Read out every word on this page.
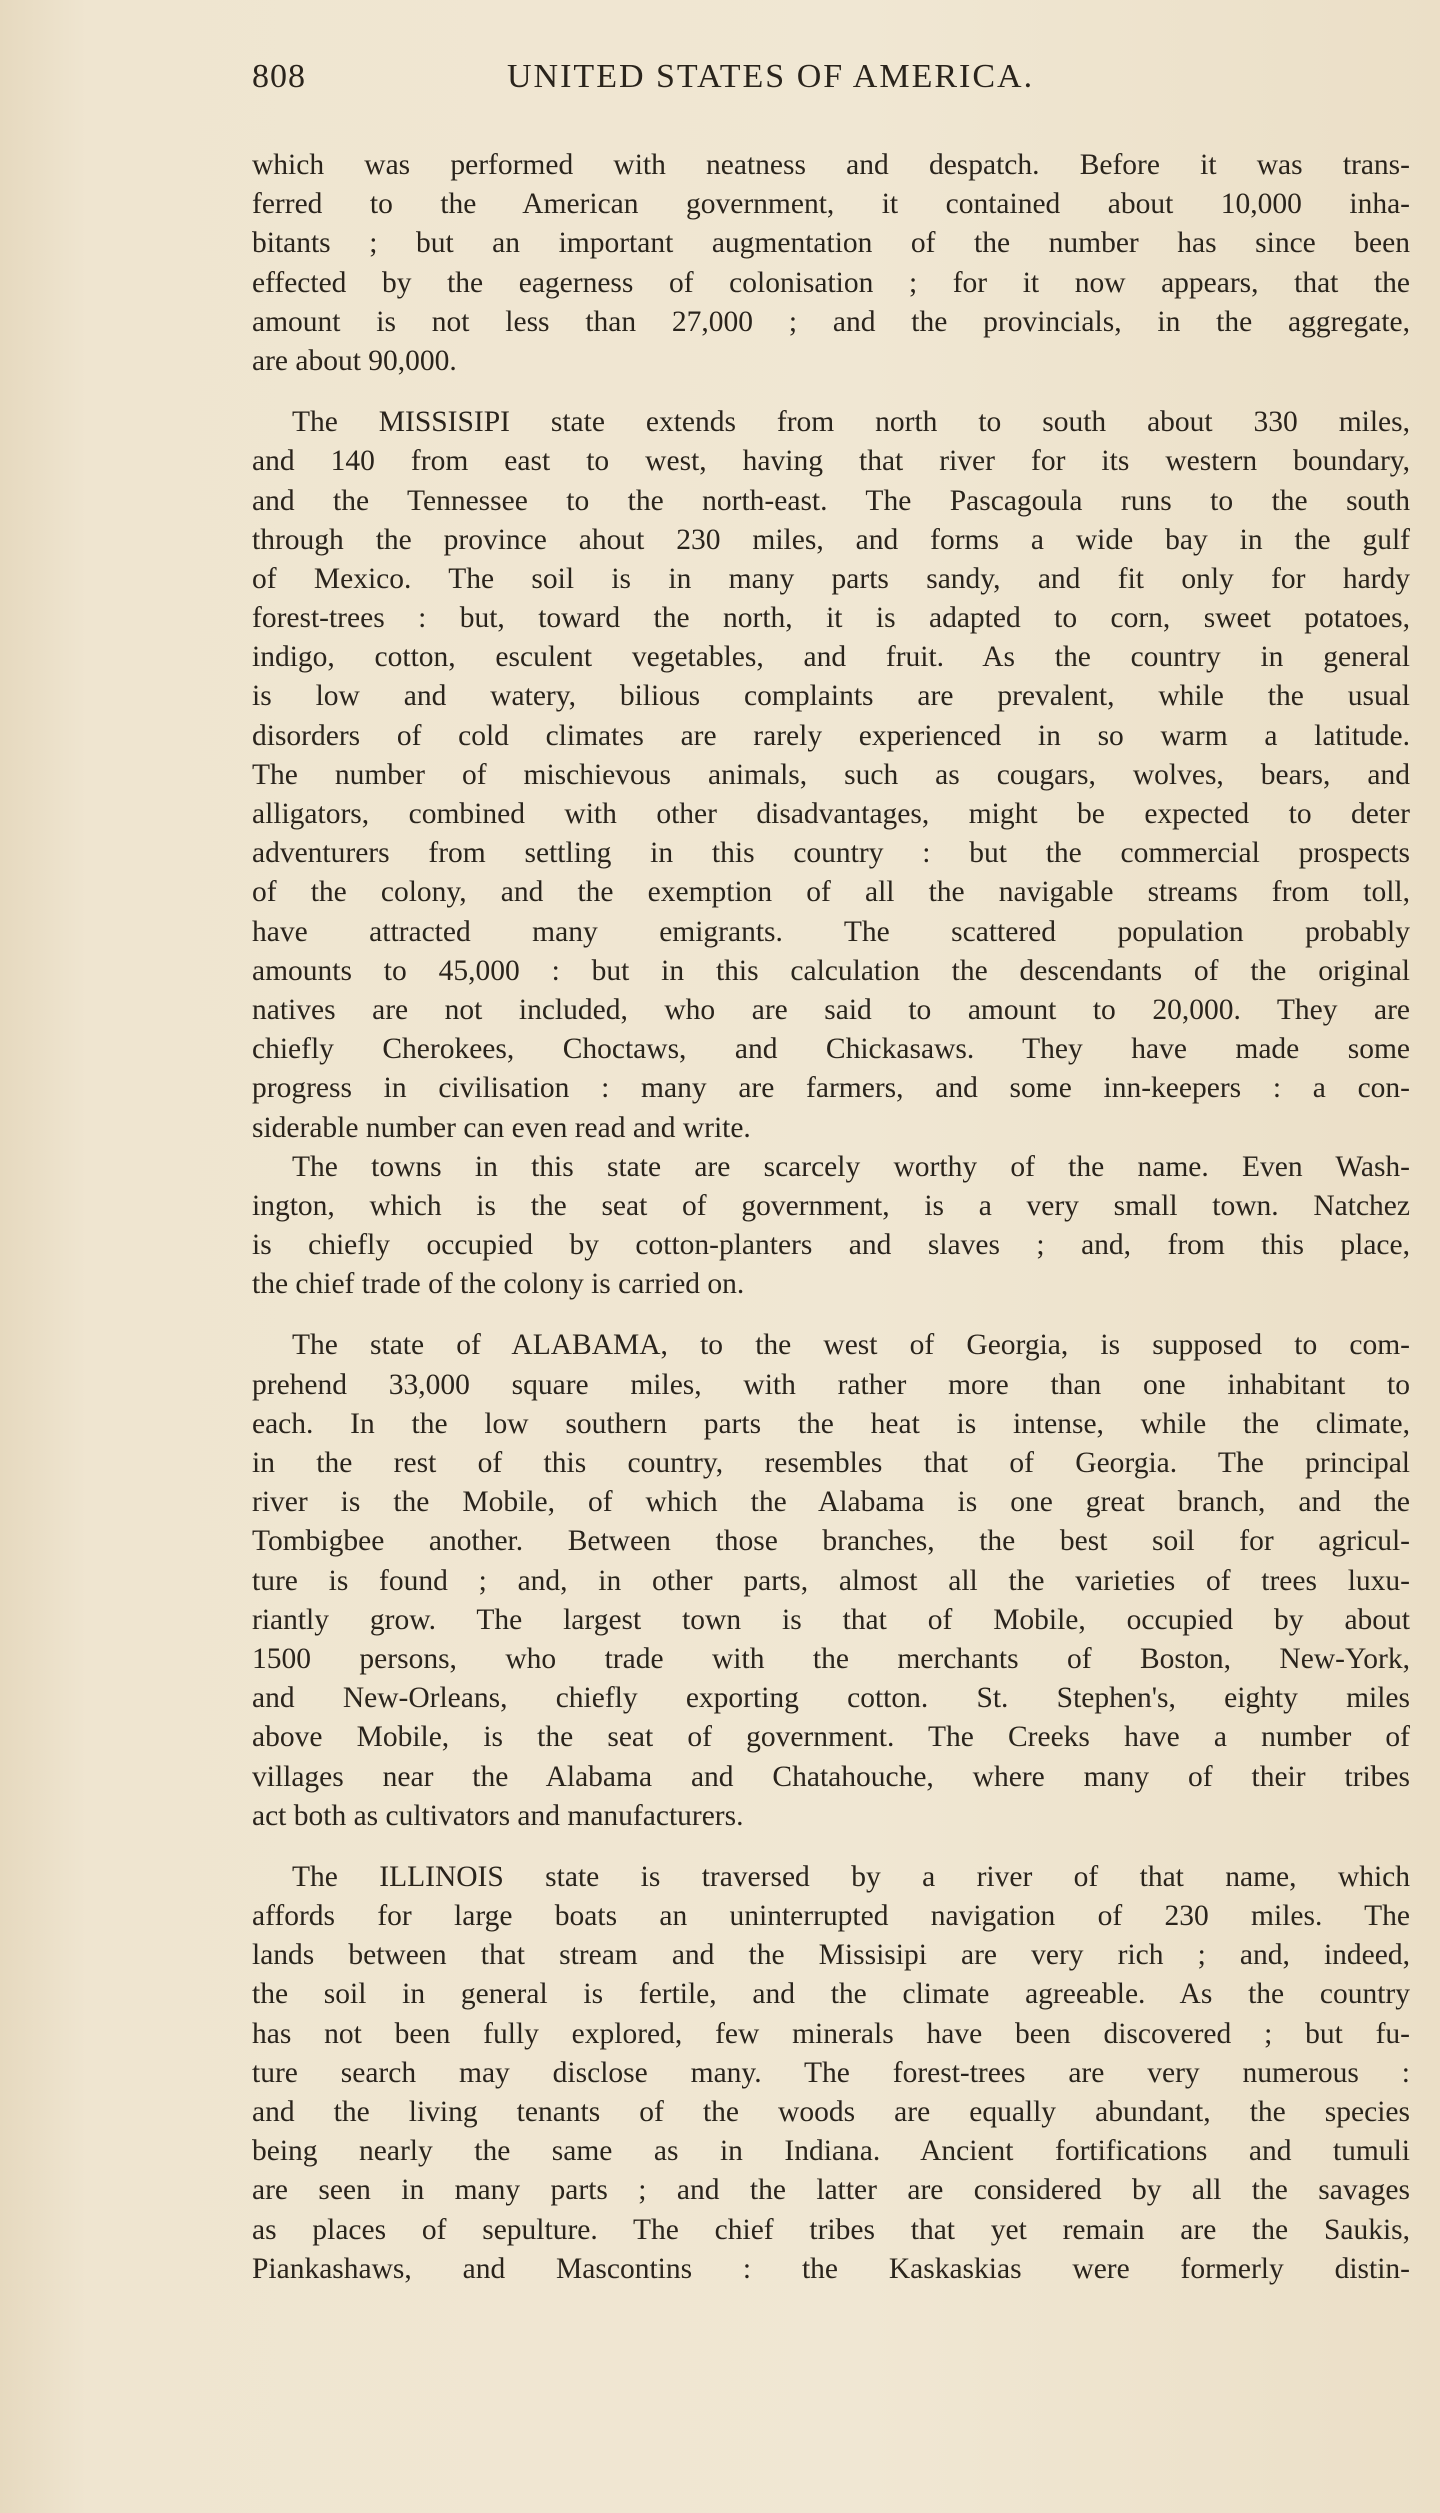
808	UNITED STATES OF AMERICA.
which was performed with neatness and despatch. Before it was trans-
ferred to the American government, it contained about 10,000 inha-
bitants ; but an important augmentation of the number has since been
effected by the eagerness of colonisation ; for it now appears, that the
amount is not less than 27,000 ; and the provincials, in the aggregate,
are about 90,000.
The MISSISIPI state extends from north to south about 330 miles,
and 140 from east to west, having that river for its western boundary,
and the Tennessee to the north-east. The Pascagoula runs to the south
through the province ahout 230 miles, and forms a wide bay in the gulf
of Mexico. The soil is in many parts sandy, and fit only for hardy
forest-trees : but, toward the north, it is adapted to corn, sweet potatoes,
indigo, cotton, esculent vegetables, and fruit. As the country in general
is low and watery, bilious complaints are prevalent, while the usual
disorders of cold climates are rarely experienced in so warm a latitude.
The number of mischievous animals, such as cougars, wolves, bears, and
alligators, combined with other disadvantages, might be expected to deter
adventurers from settling in this country : but the commercial prospects
of the colony, and the exemption of all the navigable streams from toll,
have attracted many emigrants. The scattered population probably
amounts to 45,000 : but in this calculation the descendants of the original
natives are not included, who are said to amount to 20,000. They are
chiefly Cherokees, Choctaws, and Chickasaws. They have made some
progress in civilisation : many are farmers, and some inn-keepers : a con-
siderable number can even read and write.
The towns in this state are scarcely worthy of the name. Even Wash-
ington, which is the seat of government, is a very small town. Natchez
is chiefly occupied by cotton-planters and slaves ; and, from this place,
the chief trade of the colony is carried on.
The state of ALABAMA, to the west of Georgia, is supposed to com-
prehend 33,000 square miles, with rather more than one inhabitant to
each. In the low southern parts the heat is intense, while the climate,
in the rest of this country, resembles that of Georgia. The principal
river is the Mobile, of which the Alabama is one great branch, and the
Tombigbee another. Between those branches, the best soil for agricul-
ture is found ; and, in other parts, almost all the varieties of trees luxu-
riantly grow. The largest town is that of Mobile, occupied by about
1500 persons, who trade with the merchants of Boston, New-York,
and New-Orleans, chiefly exporting cotton. St. Stephen's, eighty miles
above Mobile, is the seat of government. The Creeks have a number of
villages near the Alabama and Chatahouche, where many of their tribes
act both as cultivators and manufacturers.
The ILLINOIS state is traversed by a river of that name, which
affords for large boats an uninterrupted navigation of 230 miles. The
lands between that stream and the Missisipi are very rich ; and, indeed,
the soil in general is fertile, and the climate agreeable. As the country
has not been fully explored, few minerals have been discovered ; but fu-
ture search may disclose many. The forest-trees are very numerous :
and the living tenants of the woods are equally abundant, the species
being nearly the same as in Indiana. Ancient fortifications and tumuli
are seen in many parts ; and the latter are considered by all the savages
as places of sepulture. The chief tribes that yet remain are the Saukis,
Piankashaws, and Mascontins : the Kaskaskias were formerly distin-
